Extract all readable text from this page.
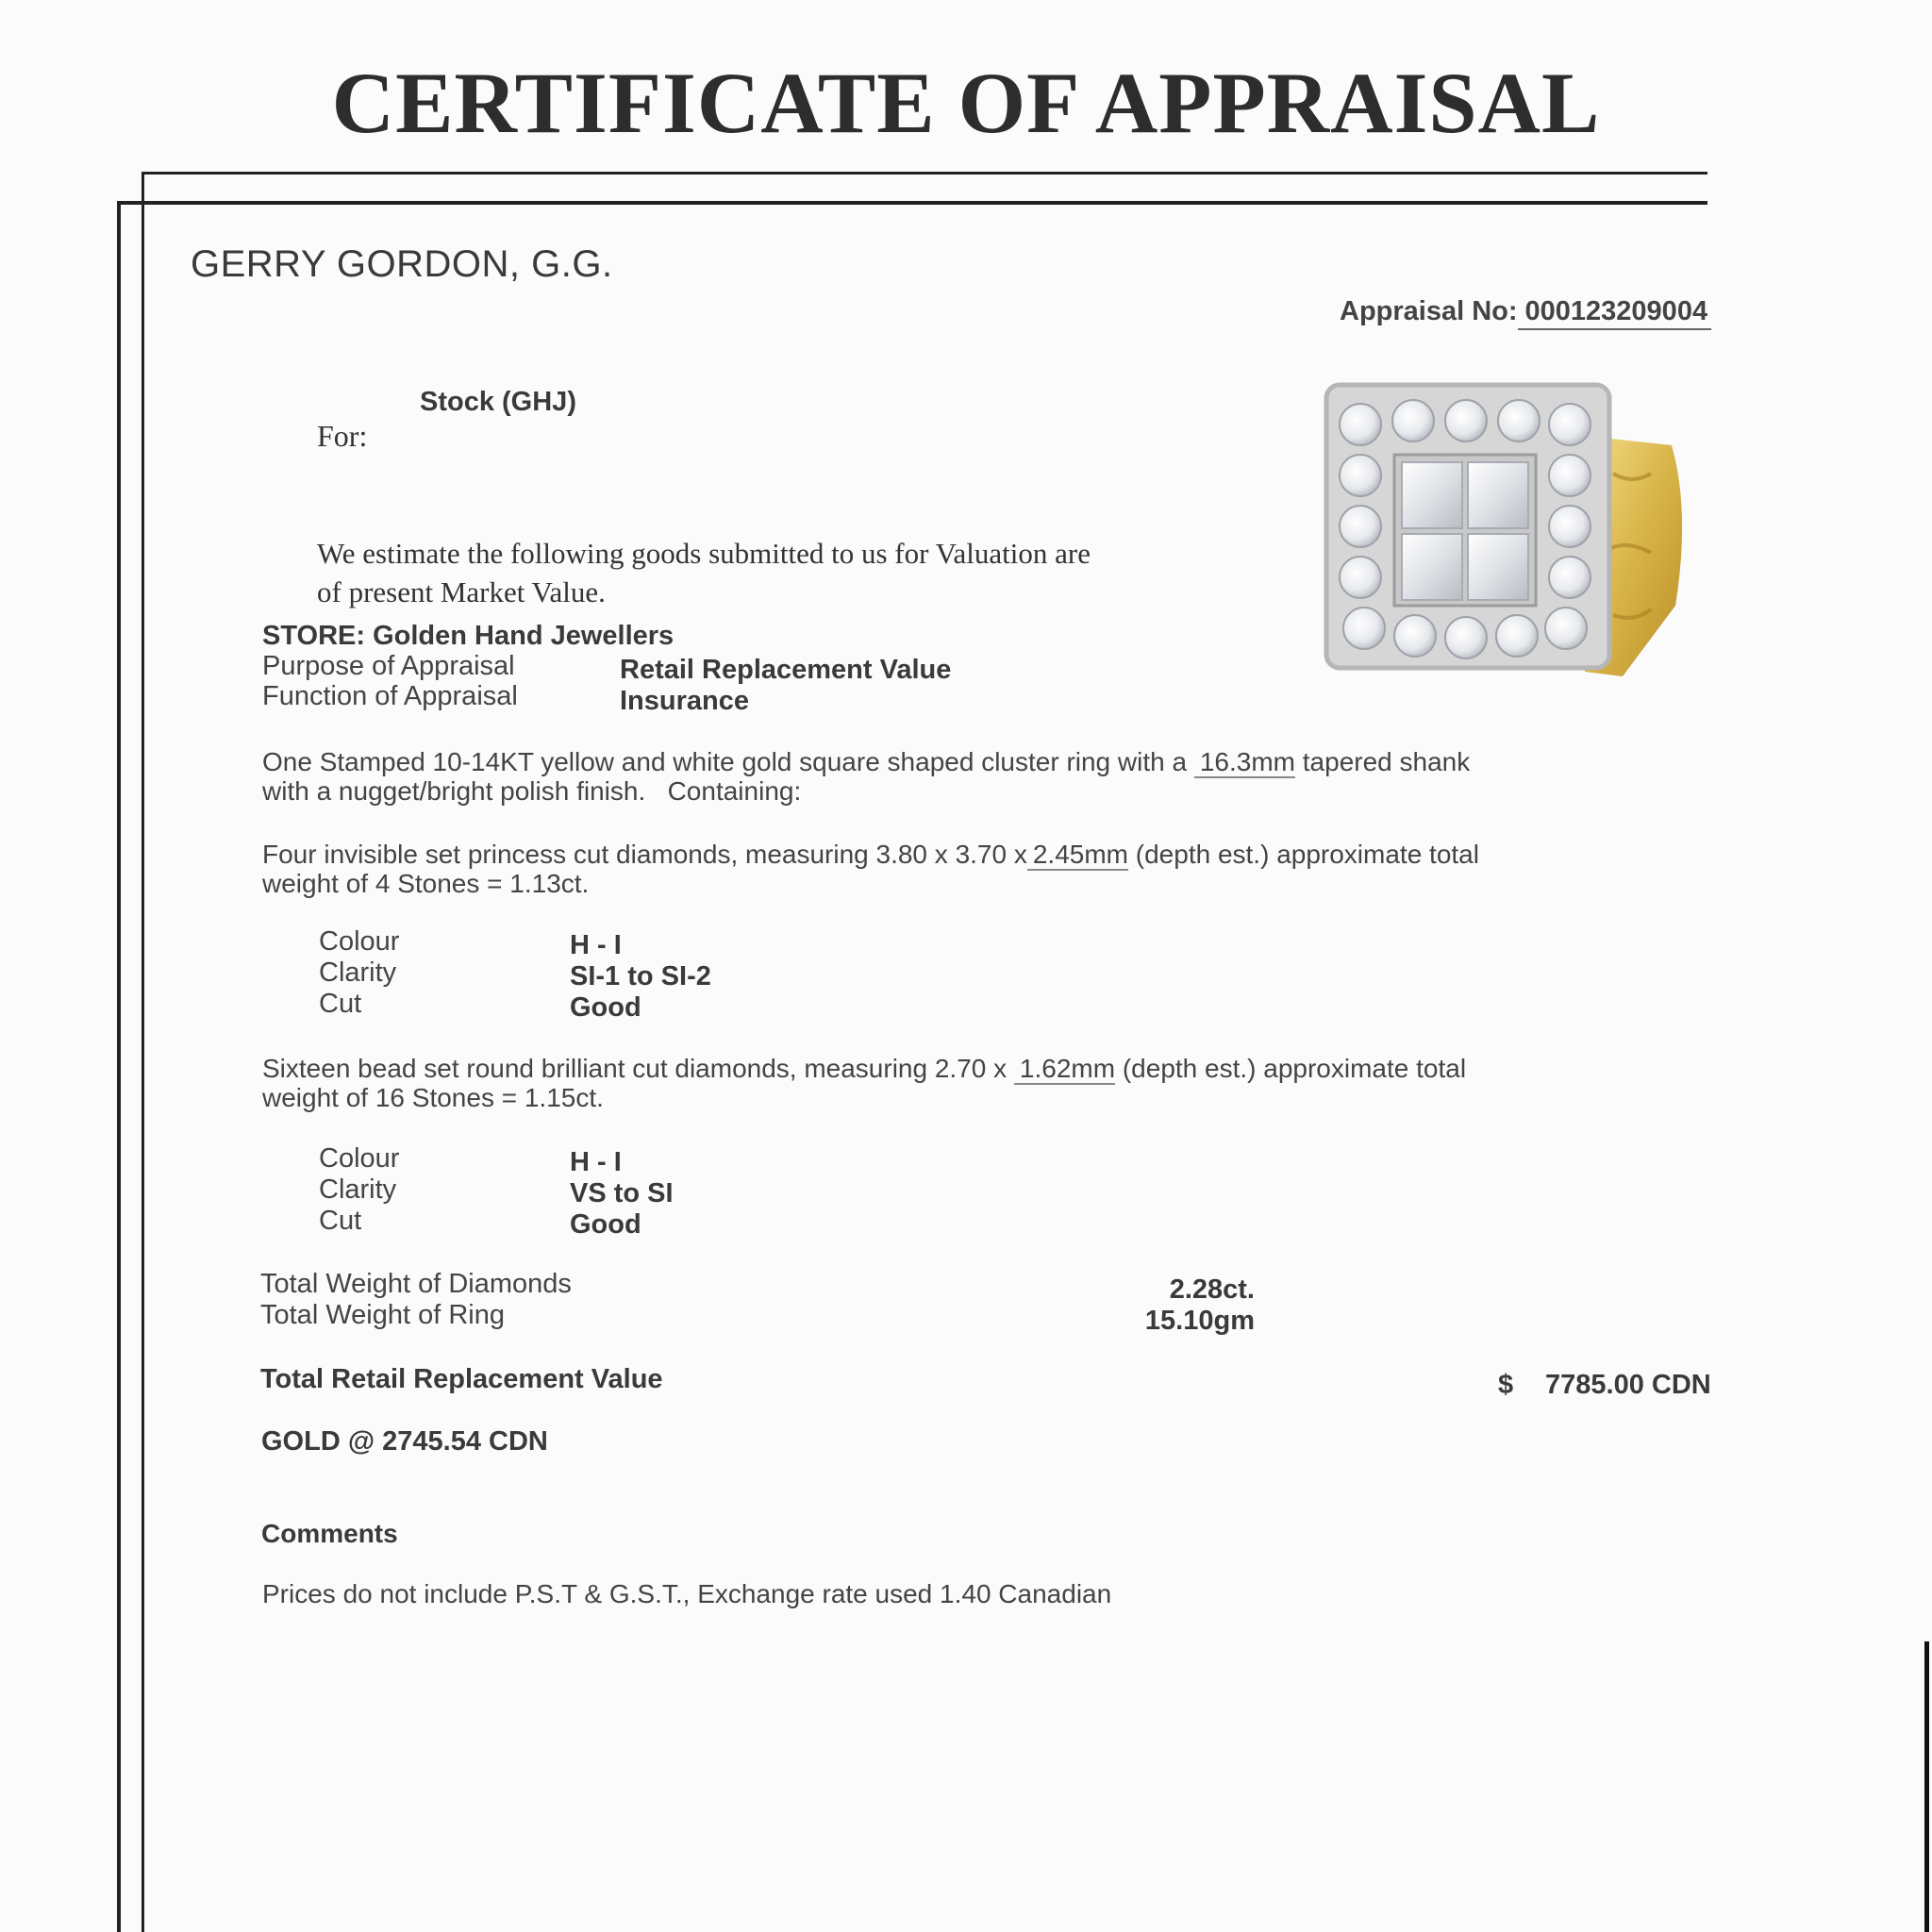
CERTIFICATE OF APPRAISAL
GERRY GORDON, G.G.
Appraisal No: 000123209004
Stock (GHJ)
For:
We estimate the following goods submitted to us for Valuation are of present Market Value.
STORE: Golden Hand Jewellers
Purpose of Appraisal	Retail Replacement Value
Function of Appraisal	Insurance
One Stamped 10-14KT yellow and white gold square shaped cluster ring with a 16.3mm tapered shank
with a nugget/bright polish finish.   Containing:
Four invisible set princess cut diamonds, measuring 3.80 x 3.70 x 2.45mm (depth est.) approximate total
weight of 4 Stones = 1.13ct.
Colour	H - I
Clarity	SI-1 to SI-2
Cut	Good
Sixteen bead set round brilliant cut diamonds, measuring 2.70 x 1.62mm (depth est.) approximate total
weight of 16 Stones = 1.15ct.
Colour	H - I
Clarity	VS to SI
Cut	Good
Total Weight of Diamonds	2.28ct.
Total Weight of Ring	15.10gm
Total Retail Replacement Value	$ 7785.00 CDN
GOLD @ 2745.54 CDN
Comments
Prices do not include P.S.T & G.S.T., Exchange rate used 1.40 Canadian
